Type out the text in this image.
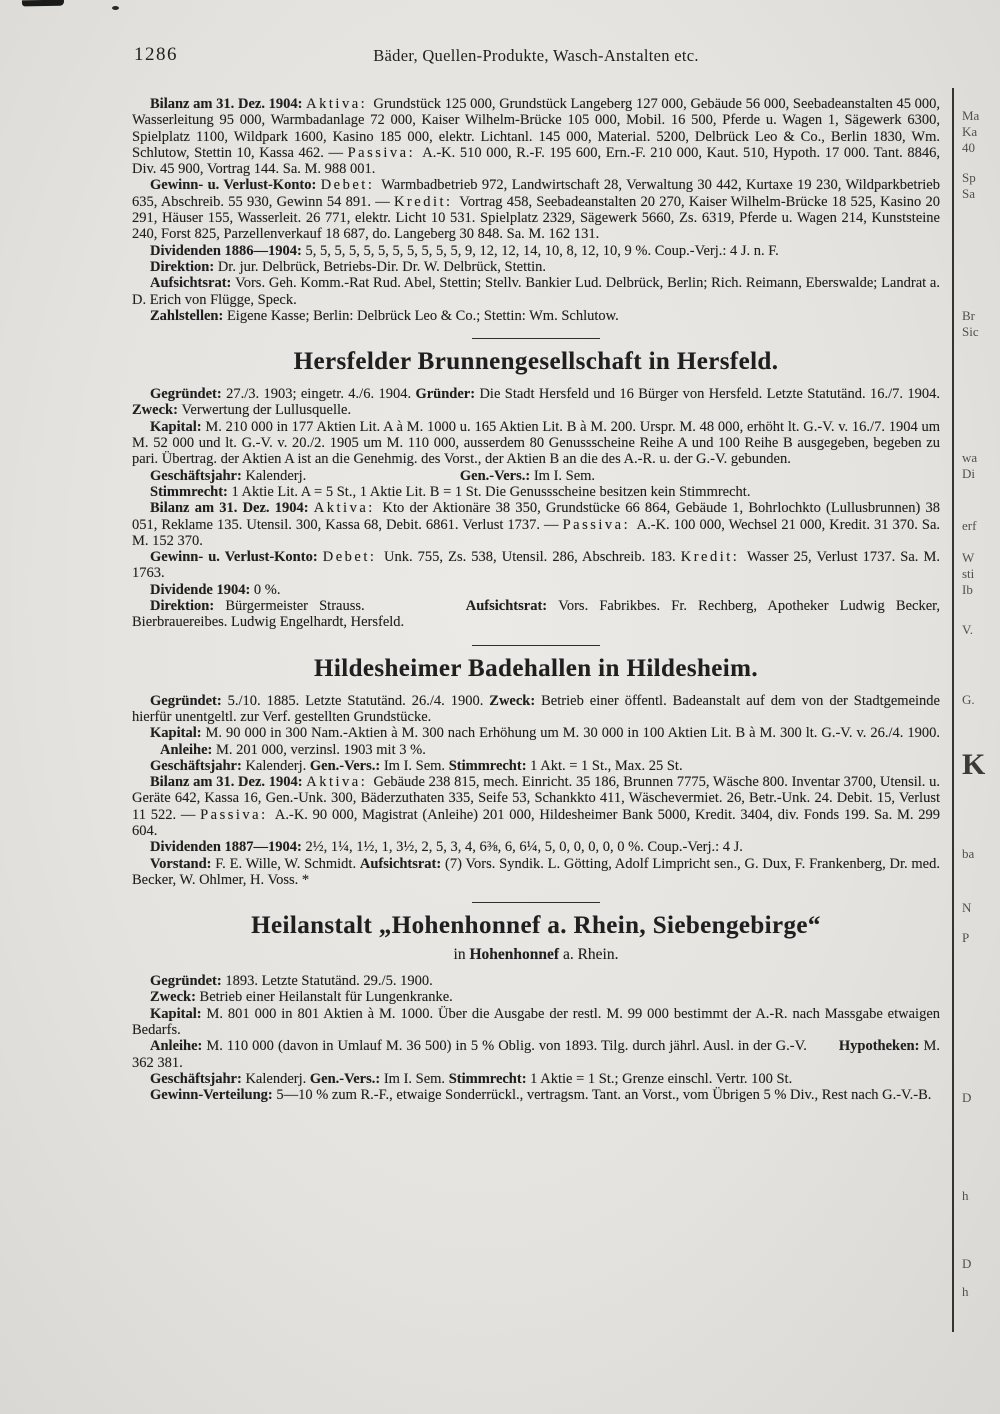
1286	Bäder, Quellen-Produkte, Wasch-Anstalten etc.

Bilanz am 31. Dez. 1904: Aktiva: Grundstück 125 000, Grundstück Langeberg 127 000, Gebäude 56 000, Seebadeanstalten 45 000, Wasserleitung 95 000, Warmbadanlage 72 000, Kaiser Wilhelm-Brücke 105 000, Mobil. 16 500, Pferde u. Wagen 1, Sägewerk 6300, Spielplatz 1100, Wildpark 1600, Kasino 185 000, elektr. Lichtanl. 145 000, Material. 5200, Delbrück Leo & Co., Berlin 1830, Wm. Schlutow, Stettin 10, Kassa 462. — Passiva: A.-K. 510 000, R.-F. 195 600, Ern.-F. 210 000, Kaut. 510, Hypoth. 17 000. Tant. 8846, Div. 45 900, Vortrag 144. Sa. M. 988 001.

Gewinn- u. Verlust-Konto: Debet: Warmbadbetrieb 972, Landwirtschaft 28, Verwaltung 30 442, Kurtaxe 19 230, Wildparkbetrieb 635, Abschreib. 55 930, Gewinn 54 891. — Kredit: Vortrag 458, Seebadeanstalten 20 270, Kaiser Wilhelm-Brücke 18 525, Kasino 20 291, Häuser 155, Wasserleit. 26 771, elektr. Licht 10 531. Spielplatz 2329, Sägewerk 5660, Zs. 6319, Pferde u. Wagen 214, Kunststeine 240, Forst 825, Parzellenverkauf 18 687, do. Langeberg 30 848. Sa. M. 162 131.

Dividenden 1886—1904: 5, 5, 5, 5, 5, 5, 5, 5, 5, 5, 5, 9, 12, 12, 14, 10, 8, 12, 10, 9 %. Coup.-Verj.: 4 J. n. F.

Direktion: Dr. jur. Delbrück, Betriebs-Dir. Dr. W. Delbrück, Stettin.

Aufsichtsrat: Vors. Geh. Komm.-Rat Rud. Abel, Stettin; Stellv. Bankier Lud. Delbrück, Berlin; Rich. Reimann, Eberswalde; Landrat a. D. Erich von Flügge, Speck.

Zahlstellen: Eigene Kasse; Berlin: Delbrück Leo & Co.; Stettin: Wm. Schlutow.

Hersfelder Brunnengesellschaft in Hersfeld.

Gegründet: 27./3. 1903; eingetr. 4./6. 1904. Gründer: Die Stadt Hersfeld und 16 Bürger von Hersfeld. Letzte Statutänd. 16./7. 1904. Zweck: Verwertung der Lullusquelle.

Kapital: M. 210 000 in 177 Aktien Lit. A à M. 1000 u. 165 Aktien Lit. B à M. 200. Urspr. M. 48 000, erhöht lt. G.-V. v. 16./7. 1904 um M. 52 000 und lt. G.-V. v. 20./2. 1905 um M. 110 000, ausserdem 80 Genussscheine Reihe A und 100 Reihe B ausgegeben, begeben zu pari. Übertrag. der Aktien A ist an die Genehmig. des Vorst., der Aktien B an die des A.-R. u. der G.-V. gebunden.

Geschäftsjahr: Kalenderj.	Gen.-Vers.: Im I. Sem.

Stimmrecht: 1 Aktie Lit. A = 5 St., 1 Aktie Lit. B = 1 St. Die Genussscheine besitzen kein Stimmrecht.

Bilanz am 31. Dez. 1904: Aktiva: Kto der Aktionäre 38 350, Grundstücke 66 864, Gebäude 1, Bohrlochkto (Lullusbrunnen) 38 051, Reklame 135. Utensil. 300, Kassa 68, Debit. 6861. Verlust 1737. — Passiva: A.-K. 100 000, Wechsel 21 000, Kredit. 31 370. Sa. M. 152 370.

Gewinn- u. Verlust-Konto: Debet: Unk. 755, Zs. 538, Utensil. 286, Abschreib. 183. Kredit: Wasser 25, Verlust 1737. Sa. M. 1763.

Dividende 1904: 0 %.

Direktion: Bürgermeister Strauss.	Aufsichtsrat: Vors. Fabrikbes. Fr. Rechberg, Apotheker Ludwig Becker, Bierbrauereibes. Ludwig Engelhardt, Hersfeld.

Hildesheimer Badehallen in Hildesheim.

Gegründet: 5./10. 1885. Letzte Statutänd. 26./4. 1900. Zweck: Betrieb einer öffentl. Badeanstalt auf dem von der Stadtgemeinde hierfür unentgeltl. zur Verf. gestellten Grundstücke.

Kapital: M. 90 000 in 300 Nam.-Aktien à M. 300 nach Erhöhung um M. 30 000 in 100 Aktien Lit. B à M. 300 lt. G.-V. v. 26./4. 1900. Anleihe: M. 201 000, verzinsl. 1903 mit 3 %.

Geschäftsjahr: Kalenderj. Gen.-Vers.: Im I. Sem. Stimmrecht: 1 Akt. = 1 St., Max. 25 St.

Bilanz am 31. Dez. 1904: Aktiva: Gebäude 238 815, mech. Einricht. 35 186, Brunnen 7775, Wäsche 800. Inventar 3700, Utensil. u. Geräte 642, Kassa 16, Gen.-Unk. 300, Bäderzuthaten 335, Seife 53, Schankkto 411, Wäschevermiet. 26, Betr.-Unk. 24. Debit. 15, Verlust 11 522. — Passiva: A.-K. 90 000, Magistrat (Anleihe) 201 000, Hildesheimer Bank 5000, Kredit. 3404, div. Fonds 199. Sa. M. 299 604.

Dividenden 1887—1904: 2½, 1¼, 1½, 1, 3½, 2, 5, 3, 4, 6⅜, 6, 6¼, 5, 0, 0, 0, 0, 0 %. Coup.-Verj.: 4 J.

Vorstand: F. E. Wille, W. Schmidt. Aufsichtsrat: (7) Vors. Syndik. L. Götting, Adolf Limpricht sen., G. Dux, F. Frankenberg, Dr. med. Becker, W. Ohlmer, H. Voss. *

Heilanstalt „Hohenhonnef a. Rhein, Siebengebirge“
in Hohenhonnef a. Rhein.

Gegründet: 1893. Letzte Statutänd. 29./5. 1900.

Zweck: Betrieb einer Heilanstalt für Lungenkranke.

Kapital: M. 801 000 in 801 Aktien à M. 1000. Über die Ausgabe der restl. M. 99 000 bestimmt der A.-R. nach Massgabe etwaigen Bedarfs.

Anleihe: M. 110 000 (davon in Umlauf M. 36 500) in 5 % Oblig. von 1893. Tilg. durch jährl. Ausl. in der G.-V. Hypotheken: M. 362 381.

Geschäftsjahr: Kalenderj. Gen.-Vers.: Im I. Sem. Stimmrecht: 1 Aktie = 1 St.; Grenze einschl. Vertr. 100 St.

Gewinn-Verteilung: 5—10 % zum R.-F., etwaige Sonderrückl., vertragsm. Tant. an Vorst., vom Übrigen 5 % Div., Rest nach G.-V.-B.

Ma
Ka
40
Sp
Sa
Br
Sic
wa
Di
erf
W
sti
Ib
V.
G.
K
ba
N
P
D
h
D
h
